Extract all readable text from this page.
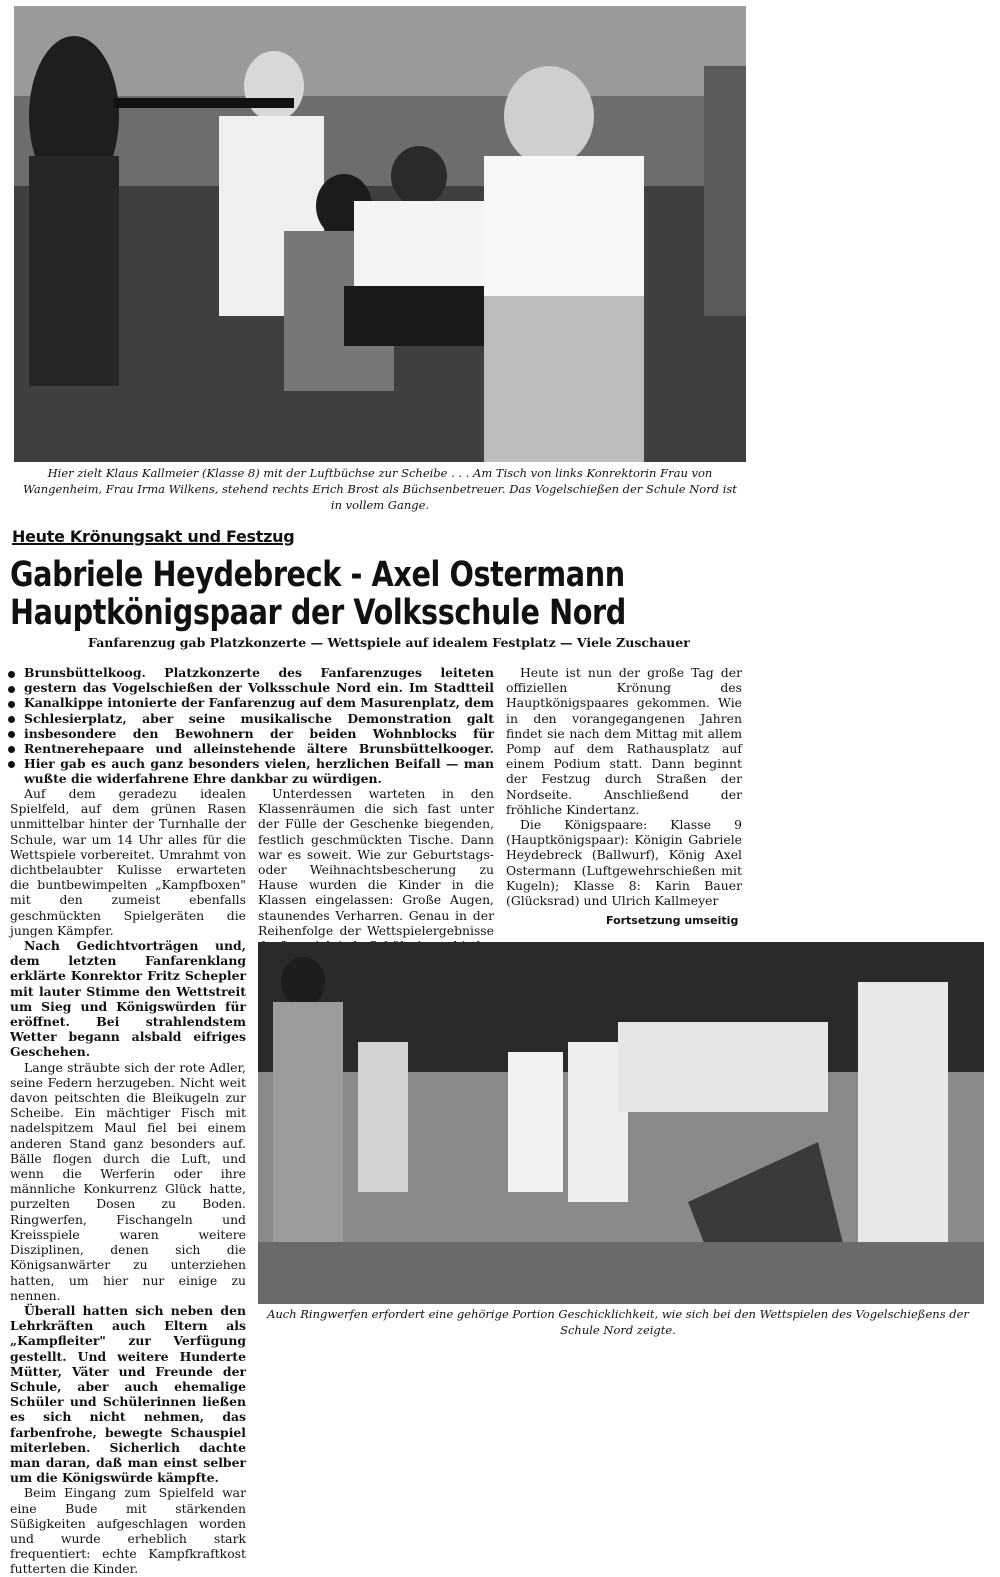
Hier zielt Klaus Kallmeier (Klasse 8) mit der Luftbüchse zur Scheibe . . . Am Tisch von links Konrektorin Frau von Wangenheim, Frau Irma Wilkens, stehend rechts Erich Brost als Büchsenbetreuer. Das Vogelschießen der Schule Nord ist in vollem Gange.
Heute Krönungsakt und Festzug
Gabriele Heydebreck - Axel Ostermann
Hauptkönigspaar der Volksschule Nord
Fanfarenzug gab Platzkonzerte — Wettspiele auf idealem Festplatz — Viele Zuschauer
Brunsbüttelkoog. Platzkonzerte des Fanfarenzuges leiteten gestern das Vogelschießen der Volksschule Nord ein. Im Stadtteil Kanalkippe intonierte der Fanfarenzug auf dem Masurenplatz, dem Schlesierplatz, aber seine musikalische Demonstration galt insbesondere den Bewohnern der beiden Wohnblocks für Rentnerehepaare und alleinstehende ältere Brunsbüttelkooger. Hier gab es auch ganz besonders vielen, herzlichen Beifall — man wußte die widerfahrene Ehre dankbar zu würdigen.

Auf dem geradezu idealen Spielfeld, auf dem grünen Rasen unmittelbar hinter der Turnhalle der Schule, war um 14 Uhr alles für die Wettspiele vorbereitet. Umrahmt von dichtbelaubter Kulisse erwarteten die buntbewimpelten „Kampfboxen" mit den zumeist ebenfalls geschmückten Spielgeräten die jungen Kämpfer.

Nach Gedichtvorträgen und, dem letzten Fanfarenklang erklärte Konrektor Fritz Schepler mit lauter Stimme den Wettstreit um Sieg und Königswürden für eröffnet. Bei strahlendstem Wetter begann alsbald eifriges Geschehen.

Lange sträubte sich der rote Adler, seine Federn herzugeben. Nicht weit davon peitschten die Bleikugeln zur Scheibe. Ein mächtiger Fisch mit nadelspitzem Maul fiel bei einem anderen Stand ganz besonders auf. Bälle flogen durch die Luft, und wenn die Werferin oder ihre männliche Konkurrenz Glück hatte, purzelten Dosen zu Boden. Ringwerfen, Fischangeln und Kreisspiele waren weitere Disziplinen, denen sich die Königsanwärter zu unterziehen hatten, um hier nur einige zu nennen.

Überall hatten sich neben den Lehrkräften auch Eltern als „Kampfleiter" zur Verfügung gestellt. Und weitere Hunderte Mütter, Väter und Freunde der Schule, aber auch ehemalige Schüler und Schülerinnen ließen es sich nicht nehmen, das farbenfrohe, bewegte Schauspiel miterleben. Sicherlich dachte man daran, daß man einst selber um die Königswürde kämpfte.

Beim Eingang zum Spielfeld war eine Bude mit stärkenden Süßigkeiten aufgeschlagen worden und wurde erheblich stark frequentiert: echte Kampfkraftkost futterten die Kinder.

Unterdessen warteten in den Klassenräumen die sich fast unter der Fülle der Geschenke biegenden, festlich geschmückten Tische. Dann war es soweit. Wie zur Geburtstags- oder Weihnachtsbescherung zu Hause wurden die Kinder in die Klassen eingelassen: Große Augen, staunendes Verharren. Genau in der Reihenfolge der Wettspielergebnisse

Heute ist nun der große Tag der offiziellen Krönung des Hauptkönigspaares gekommen. Wie in den vorangegangenen Jahren findet sie nach dem Mittag mit allem Pomp auf dem Rathausplatz auf einem Podium statt. Dann beginnt der Festzug durch Straßen der Nordseite. Anschließend der fröhliche Kindertanz.

Die Königspaare: Klasse 9 (Hauptkönigspaar): Königin Gabriele Heydebreck (Ballwurf), König Axel Ostermann (Luftgewehrschießen mit Kugeln); Klasse 8: Karin Bauer (Glücksrad) und Ulrich Kallmeyer

Fortsetzung umseitig
Auch Ringwerfen erfordert eine gehörige Portion Geschicklichkeit, wie sich bei den Wettspielen des Vogelschießens der Schule Nord zeigte.
